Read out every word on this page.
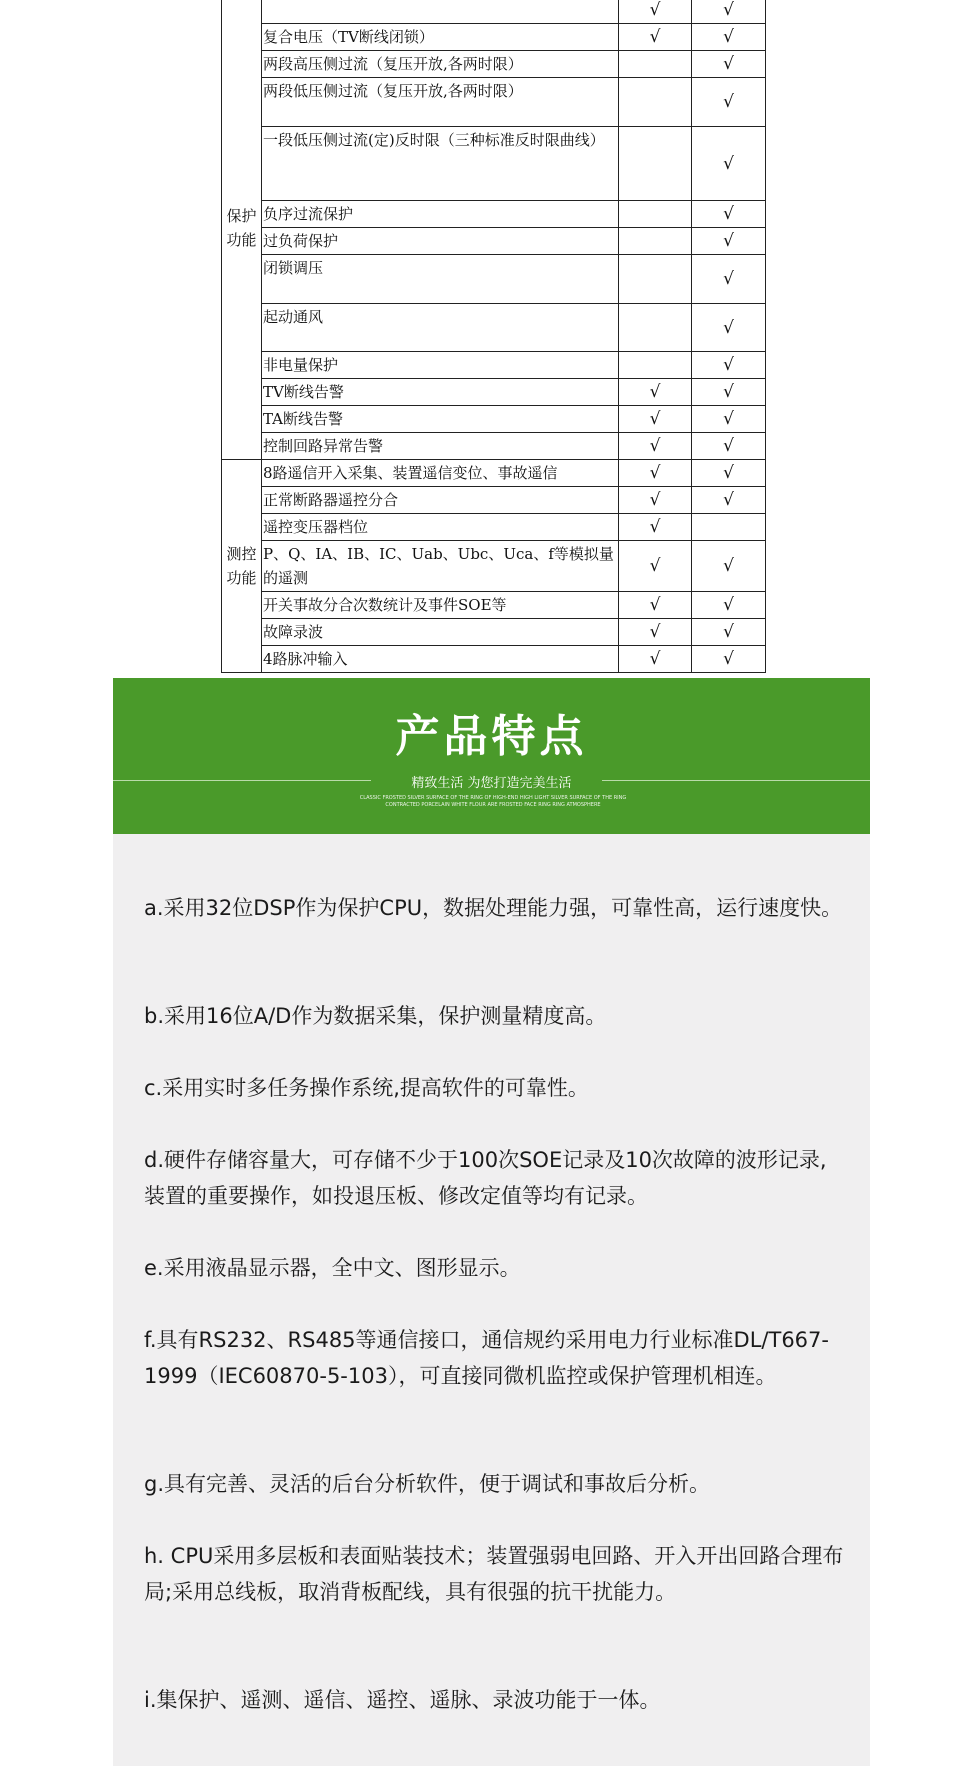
保护
功能		√	√
	复合电压（TV断线闭锁）	√	√
	两段高压侧过流（复压开放,各两时限）		√
	两段低压侧过流（复压开放,各两时限）		√
	一段低压侧过流(定)反时限（三种标准反时限曲线）		√
	负序过流保护		√
	过负荷保护		√
	闭锁调压		√
	起动通风		√
	非电量保护		√
	TV断线告警	√	√
	TA断线告警	√	√
	控制回路异常告警	√	√
测控
功能	8路遥信开入采集、装置遥信变位、事故遥信	√	√
	正常断路器遥控分合	√	√
	遥控变压器档位	√	
	P、Q、IA、IB、IC、Uab、Ubc、Uca、f等模拟量的遥测	√	√
	开关事故分合次数统计及事件SOE等	√	√
	故障录波	√	√
	4路脉冲输入	√	√
产品特点
精致生活 为您打造完美生活
CLASSIC FROSTED SILVER SURFACE OF THE RING OF HIGH-END HIGH LIGHT SILVER SURFACE OF THE RING CONTRACTED PORCELAIN WHITE FLOUR ARE FROSTED FACE RING RING ATMOSPHERE

a.采用32位DSP作为保护CPU，数据处理能力强，可靠性高，运行速度快。

b.采用16位A/D作为数据采集，保护测量精度高。

c.采用实时多任务操作系统,提高软件的可靠性。

d.硬件存储容量大，可存储不少于100次SOE记录及10次故障的波形记录,装置的重要操作，如投退压板、修改定值等均有记录。

e.采用液晶显示器，全中文、图形显示。

f.具有RS232、RS485等通信接口，通信规约采用电力行业标准DL/T667-1999（IEC60870-5-103），可直接同微机监控或保护管理机相连。

g.具有完善、灵活的后台分析软件，便于调试和事故后分析。

h. CPU采用多层板和表面贴装技术；装置强弱电回路、开入开出回路合理布局;采用总线板，取消背板配线，具有很强的抗干扰能力。

i.集保护、遥测、遥信、遥控、遥脉、录波功能于一体。
